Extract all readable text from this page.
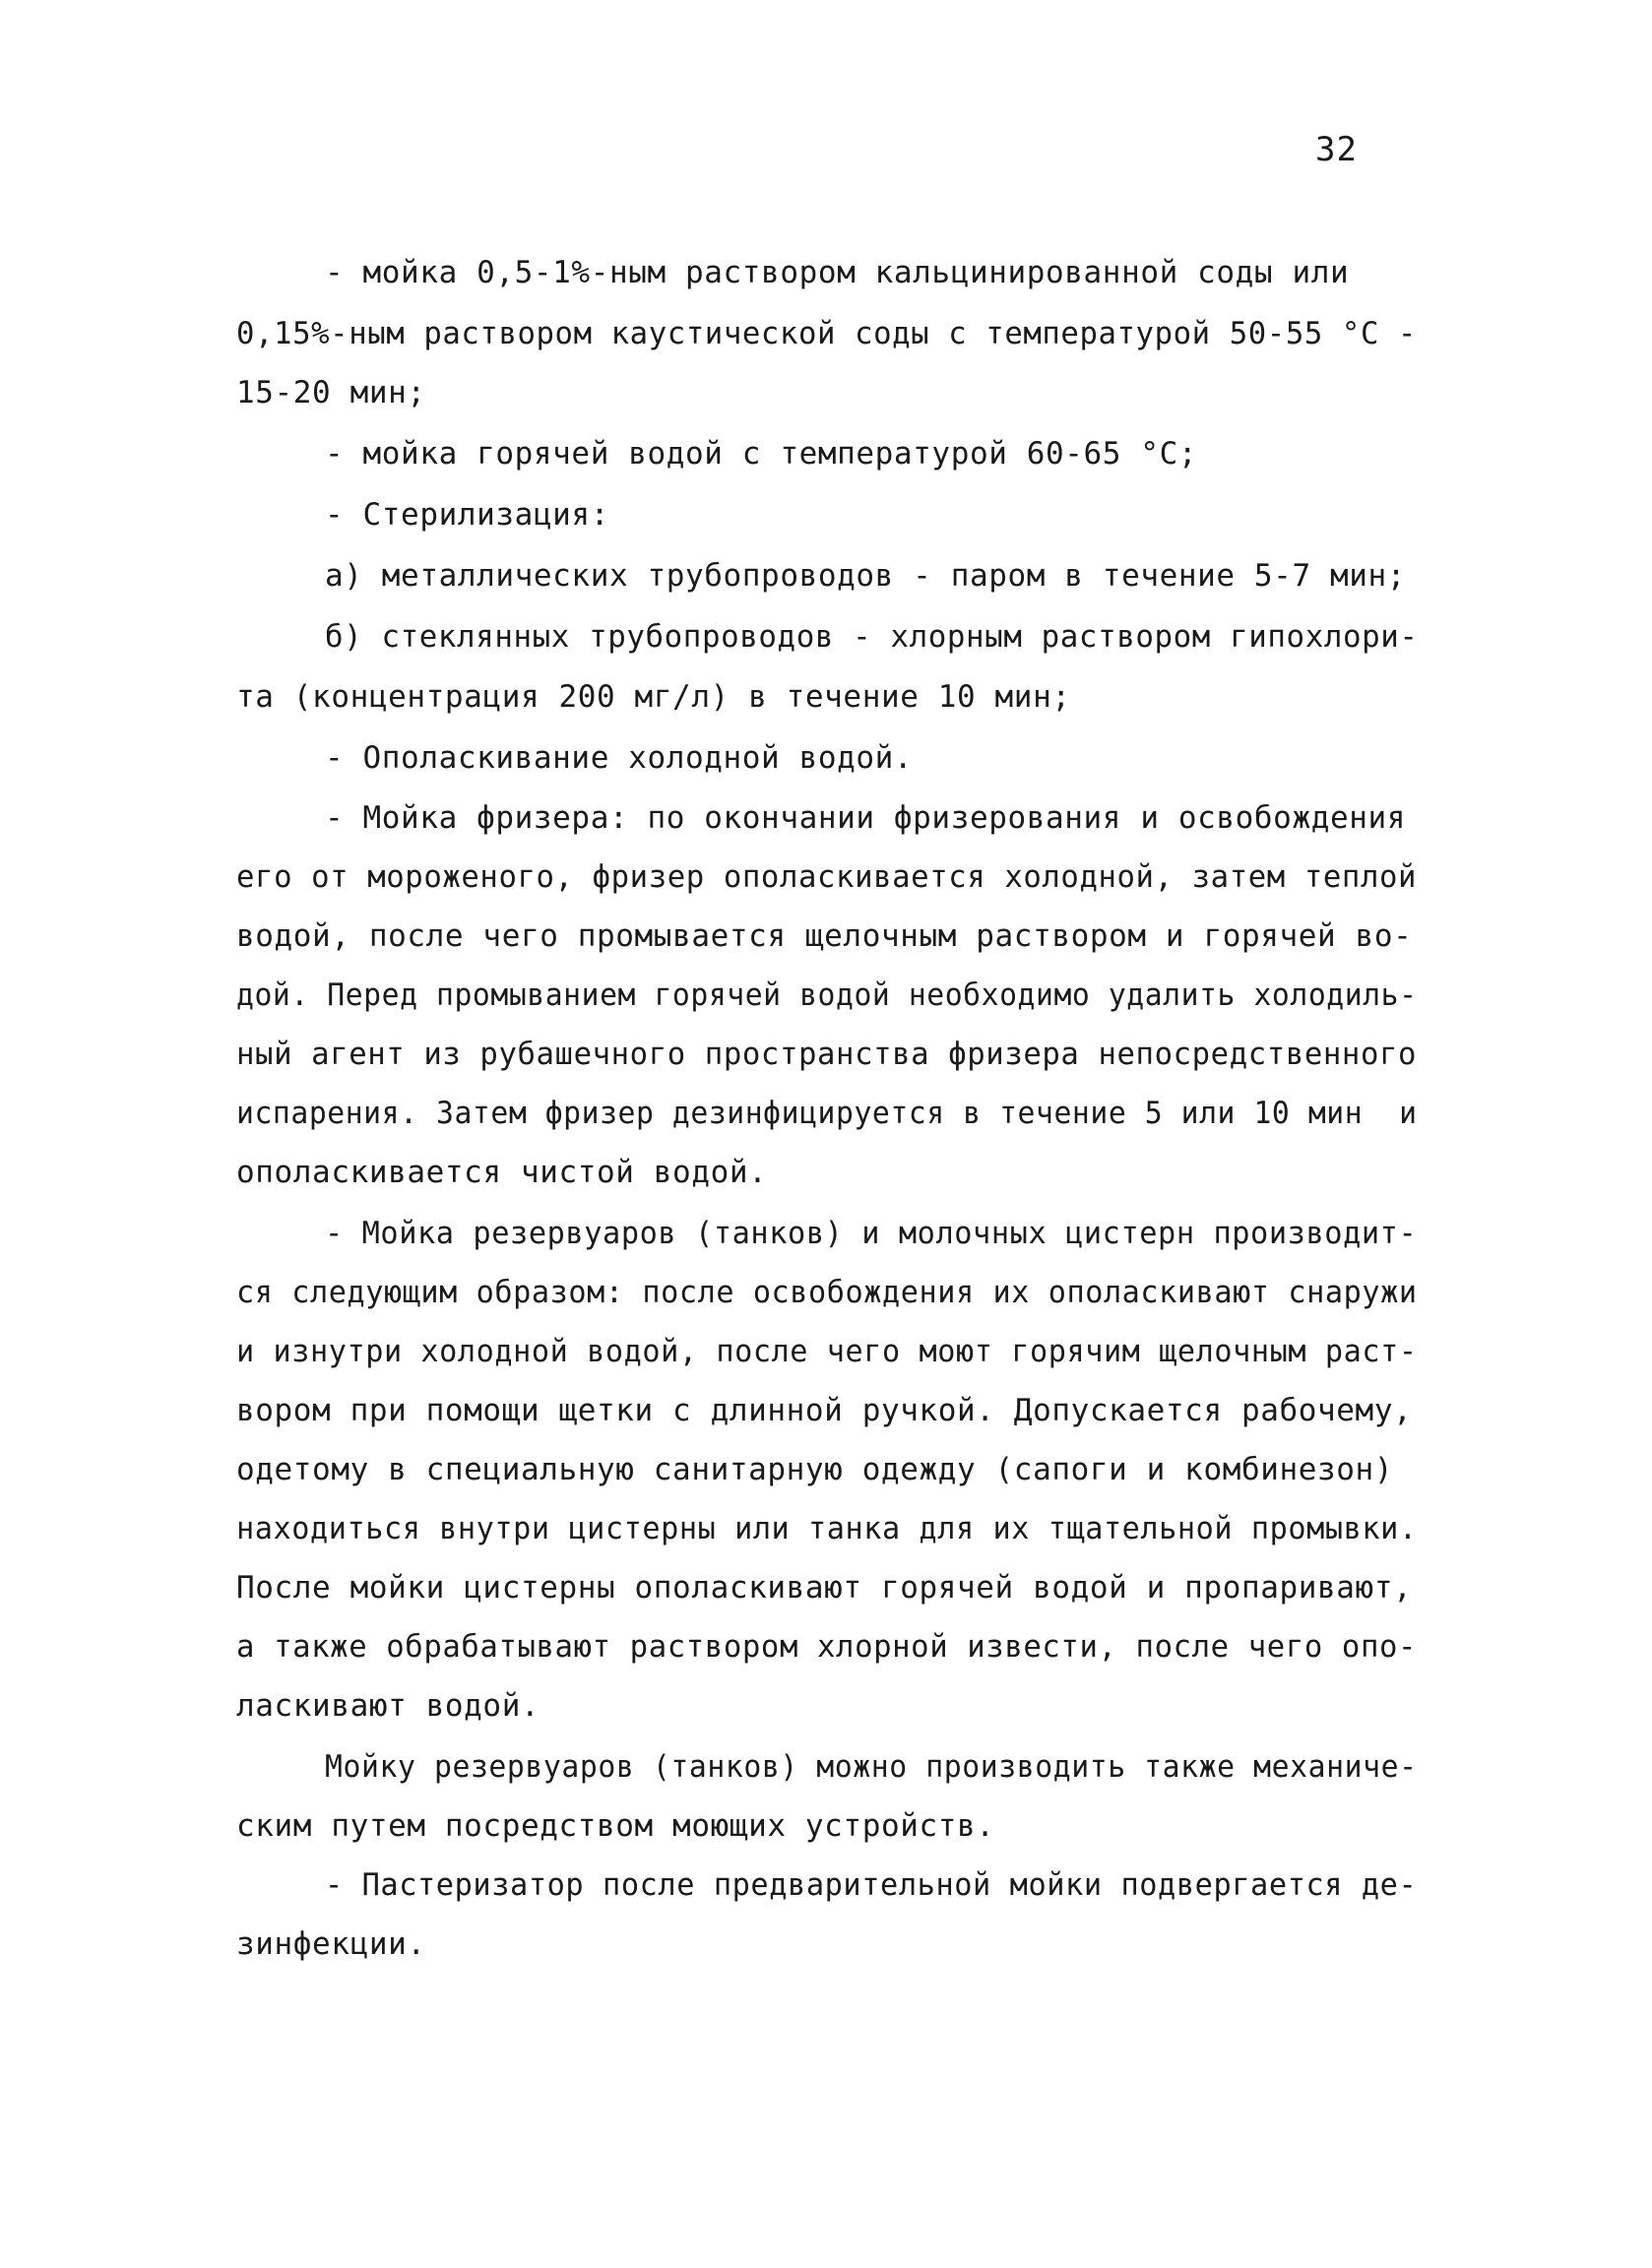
32
- мойка 0,5-1%-ным раствором кальцинированной соды или
0,15%-ным раствором каустической соды с температурой 50-55 °С -
15-20 мин;
- мойка горячей водой с температурой 60-65 °С;
- Стерилизация:
а) металлических трубопроводов - паром в течение 5-7 мин;
б) стеклянных трубопроводов - хлорным раствором гипохлори-
та (концентрация 200 мг/л) в течение 10 мин;
- Ополаскивание холодной водой.
- Мойка фризера: по окончании фризерования и освобождения
его от мороженого, фризер ополаскивается холодной, затем теплой
водой, после чего промывается щелочным раствором и горячей во-
дой. Перед промыванием горячей водой необходимо удалить холодиль-
ный агент из рубашечного пространства фризера непосредственного
испарения. Затем фризер дезинфицируется в течение 5 или 10 мин  и
ополаскивается чистой водой.
- Мойка резервуаров (танков) и молочных цистерн производит-
ся следующим образом: после освобождения их ополаскивают снаружи
и изнутри холодной водой, после чего моют горячим щелочным раст-
вором при помощи щетки с длинной ручкой. Допускается рабочему,
одетому в специальную санитарную одежду (сапоги и комбинезон)
находиться внутри цистерны или танка для их тщательной промывки.
После мойки цистерны ополаскивают горячей водой и пропаривают,
а также обрабатывают раствором хлорной извести, после чего опо-
ласкивают водой.
Мойку резервуаров (танков) можно производить также механиче-
ским путем посредством моющих устройств.
- Пастеризатор после предварительной мойки подвергается де-
зинфекции.
